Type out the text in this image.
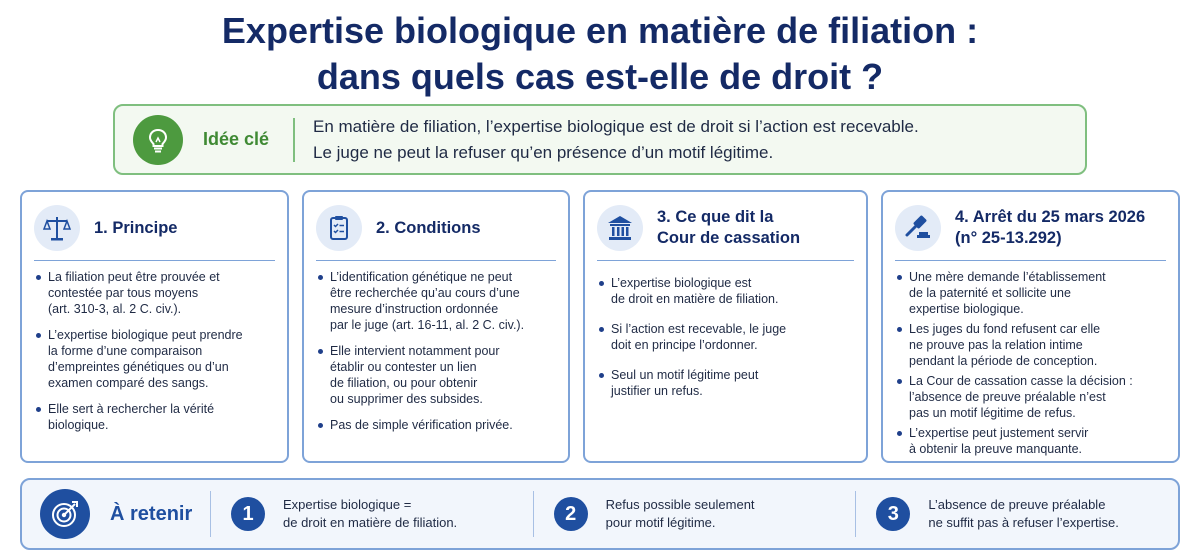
Expertise biologique en matière de filiation :
dans quels cas est-elle de droit ?
Idée clé
En matière de filiation, l’expertise biologique est de droit si l’action est recevable.
Le juge ne peut la refuser qu’en présence d’un motif légitime.
1. Principe
La filiation peut être prouvée et
contestée par tous moyens
(art. 310-3, al. 2 C. civ.).
L’expertise biologique peut prendre
la forme d’une comparaison
d’empreintes génétiques ou d’un
examen comparé des sangs.
Elle sert à rechercher la vérité
biologique.
2. Conditions
L’identification génétique ne peut
être recherchée qu’au cours d’une
mesure d’instruction ordonnée
par le juge (art. 16-11, al. 2 C. civ.).
Elle intervient notamment pour
établir ou contester un lien
de filiation, ou pour obtenir
ou supprimer des subsides.
Pas de simple vérification privée.
3. Ce que dit la
Cour de cassation
L’expertise biologique est
de droit en matière de filiation.
Si l’action est recevable, le juge
doit en principe l’ordonner.
Seul un motif légitime peut
justifier un refus.
4. Arrêt du 25 mars 2026
(n° 25-13.292)
Une mère demande l’établissement
de la paternité et sollicite une
expertise biologique.
Les juges du fond refusent car elle
ne prouve pas la relation intime
pendant la période de conception.
La Cour de cassation casse la décision :
l’absence de preuve préalable n’est
pas un motif légitime de refus.
L’expertise peut justement servir
à obtenir la preuve manquante.
À retenir	1	Expertise biologique =
de droit en matière de filiation.	2	Refus possible seulement
pour motif légitime.	3	L’absence de preuve préalable
ne suffit pas à refuser l’expertise.
